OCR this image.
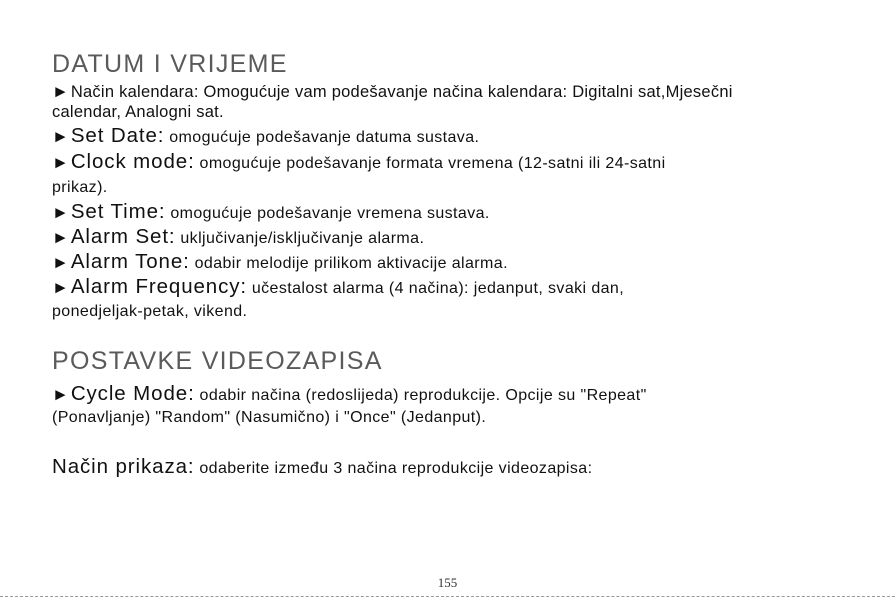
DATUM I VRIJEME
► Način kalendara: Omogućuje vam podešavanje načina kalendara: Digitalni sat,Mjesečni
calendar, Analogni sat.
►Set Date: omogućuje podešavanje datuma sustava.
►Clock mode: omogućuje podešavanje formata vremena (12-satni ili 24-satni
prikaz).
►Set Time: omogućuje podešavanje vremena sustava.
►Alarm Set: uključivanje/isključivanje alarma.
►Alarm Tone: odabir melodije prilikom aktivacije alarma.
►Alarm Frequency: učestalost alarma (4 načina): jedanput, svaki dan,
ponedjeljak-petak, vikend.
POSTAVKE VIDEOZAPISA
►Cycle Mode: odabir načina (redoslijeda) reprodukcije. Opcije su "Repeat"
(Ponavljanje) "Random" (Nasumično) i "Once" (Jedanput).
Način prikaza: odaberite između 3 načina reprodukcije videozapisa:
155
